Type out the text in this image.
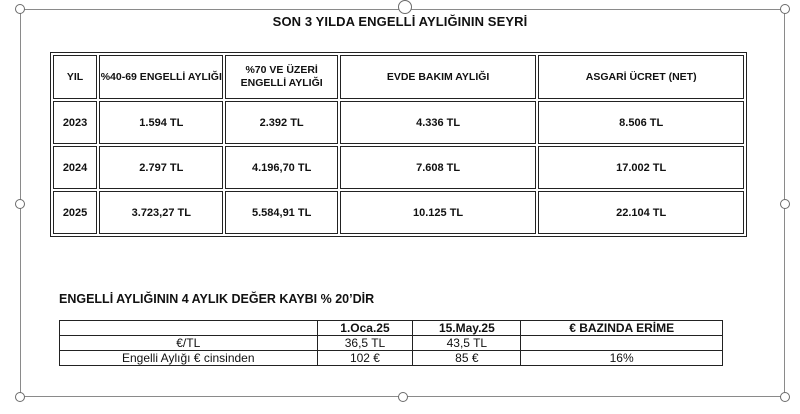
SON 3 YILDA ENGELLİ AYLIĞININ SEYRİ
YIL	%40-69 ENGELLİ AYLIĞI	%70 VE ÜZERİ ENGELLİ AYLIĞI	EVDE BAKIM AYLIĞI	ASGARİ ÜCRET (NET)
2023	1.594 TL	2.392 TL	4.336 TL	8.506 TL
2024	2.797 TL	4.196,70 TL	7.608 TL	17.002 TL
2025	3.723,27 TL	5.584,91 TL	10.125 TL	22.104 TL
ENGELLİ AYLIĞININ 4 AYLIK DEĞER KAYBI % 20’DİR
	1.Oca.25	15.May.25	€ BAZINDA ERİME
€/TL	36,5 TL	43,5 TL	
Engelli Aylığı € cinsinden	102 €	85 €	16%
